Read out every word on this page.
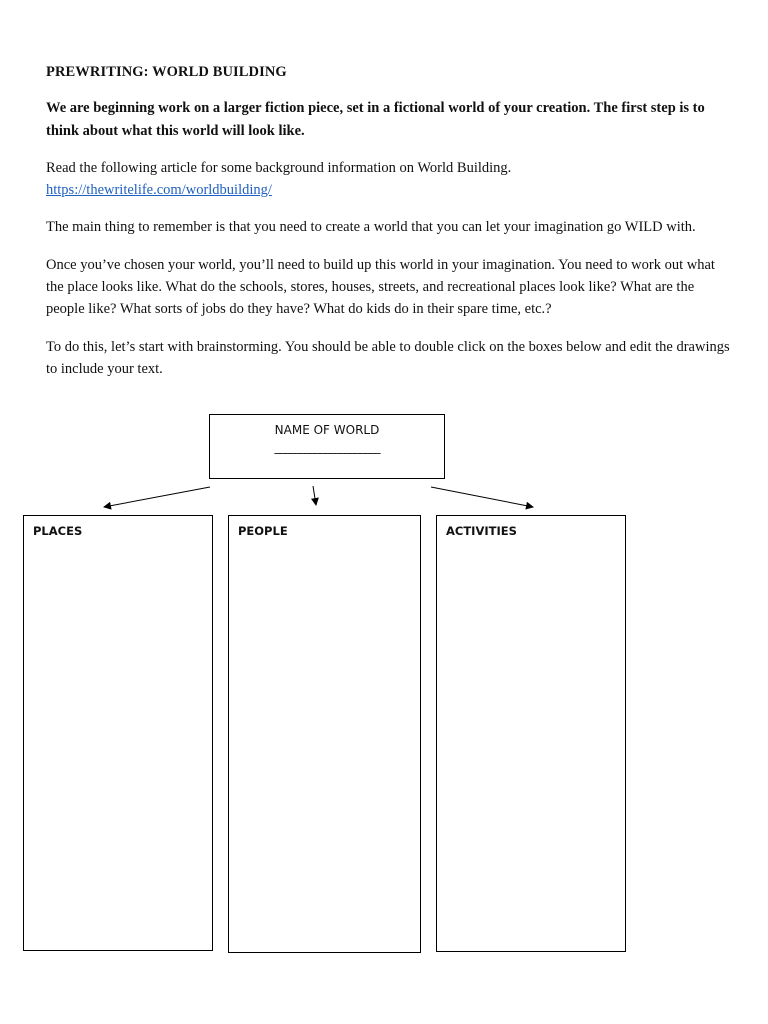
PREWRITING: WORLD BUILDING

We are beginning work on a larger fiction piece, set in a fictional world of your creation. The first step is to think about what this world will look like.

Read the following article for some background information on World Building.

https://thewritelife.com/worldbuilding/

The main thing to remember is that you need to create a world that you can let your imagination go WILD with.

Once you’ve chosen your world, you’ll need to build up this world in your imagination. You need to work out what the place looks like. What do the schools, stores, houses, streets, and recreational places look like? What are the people like? What sorts of jobs do they have? What do kids do in their spare time, etc.?

To do this, let’s start with brainstorming. You should be able to double click on the boxes below and edit the drawings to include your text.

NAME OF WORLD
_____________________
PLACES	PEOPLE	ACTIVITIES
